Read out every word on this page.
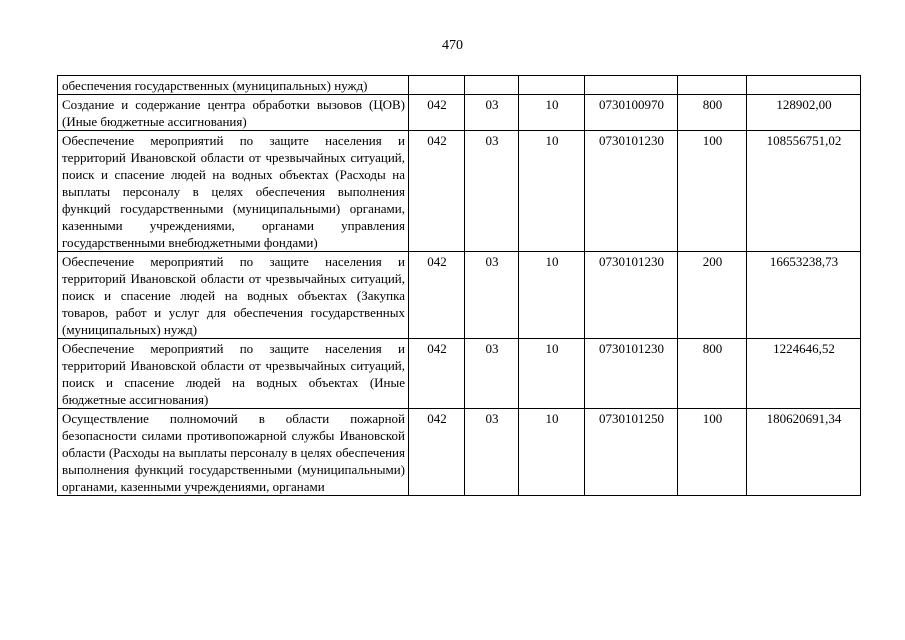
470
обеспечения государственных (муниципальных) нужд)						
Создание и содержание центра обработки вызовов (ЦОВ) (Иные бюджетные ассигнования)	042	03	10	0730100970	800	128902,00
Обеспечение мероприятий по защите населения и территорий Ивановской области от чрезвычайных ситуаций, поиск и спасение людей на водных объектах (Расходы на выплаты персоналу в целях обеспечения выполнения функций государственными (муниципальными) органами, казенными учреждениями, органами управления государственными внебюджетными фондами)	042	03	10	0730101230	100	108556751,02
Обеспечение мероприятий по защите населения и территорий Ивановской области от чрезвычайных ситуаций, поиск и спасение людей на водных объектах (Закупка товаров, работ и услуг для обеспечения государственных (муниципальных) нужд)	042	03	10	0730101230	200	16653238,73
Обеспечение мероприятий по защите населения и территорий Ивановской области от чрезвычайных ситуаций, поиск и спасение людей на водных объектах (Иные бюджетные ассигнования)	042	03	10	0730101230	800	1224646,52
Осуществление полномочий в области пожарной безопасности силами противопожарной службы Ивановской области (Расходы на выплаты персоналу в целях обеспечения выполнения функций государственными (муниципальными) органами, казенными учреждениями, органами	042	03	10	0730101250	100	180620691,34
